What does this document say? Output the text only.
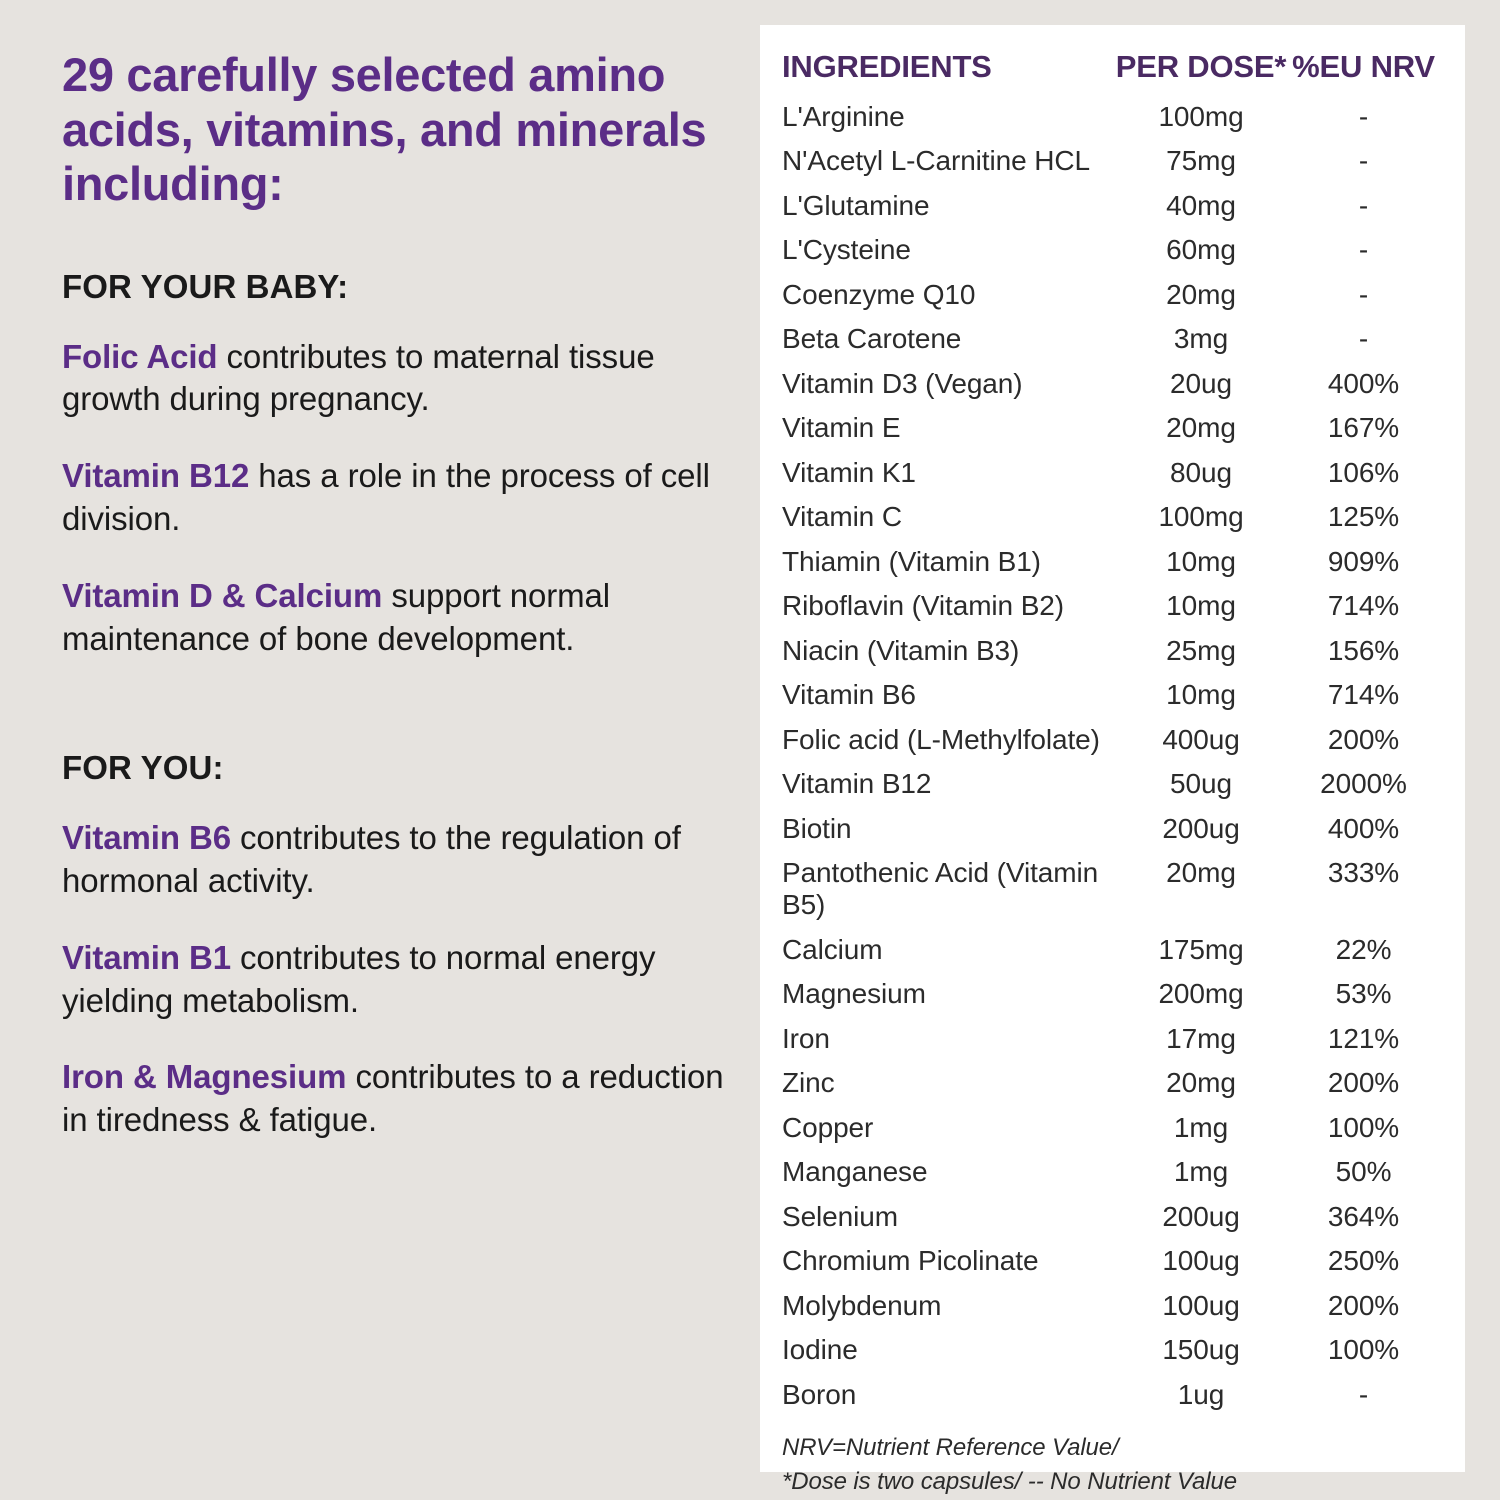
29 carefully selected amino acids, vitamins, and minerals including:
FOR YOUR BABY:

Folic Acid contributes to maternal tissue growth during pregnancy.

Vitamin B12 has a role in the process of cell division.

Vitamin D & Calcium support normal maintenance of bone development.

FOR YOU:

Vitamin B6 contributes to the regulation of hormonal activity.

Vitamin B1 contributes to normal energy yielding metabolism.

Iron & Magnesium contributes to a reduction in tiredness & fatigue.

INGREDIENTS	PER DOSE*	%EU NRV
L'Arginine	100mg	-
N'Acetyl L-Carnitine HCL	75mg	-
L'Glutamine	40mg	-
L'Cysteine	60mg	-
Coenzyme Q10	20mg	-
Beta Carotene	3mg	-
Vitamin D3 (Vegan)	20ug	400%
Vitamin E	20mg	167%
Vitamin K1	80ug	106%
Vitamin C	100mg	125%
Thiamin (Vitamin B1)	10mg	909%
Riboflavin (Vitamin B2)	10mg	714%
Niacin (Vitamin B3)	25mg	156%
Vitamin B6	10mg	714%
Folic acid (L-Methylfolate)	400ug	200%
Vitamin B12	50ug	2000%
Biotin	200ug	400%
Pantothenic Acid (Vitamin B5)	20mg	333%
Calcium	175mg	22%
Magnesium	200mg	53%
Iron	17mg	121%
Zinc	20mg	200%
Copper	1mg	100%
Manganese	1mg	50%
Selenium	200ug	364%
Chromium Picolinate	100ug	250%
Molybdenum	100ug	200%
Iodine	150ug	100%
Boron	1ug	-
NRV=Nutrient Reference Value/
*Dose is two capsules/ -- No Nutrient Value
